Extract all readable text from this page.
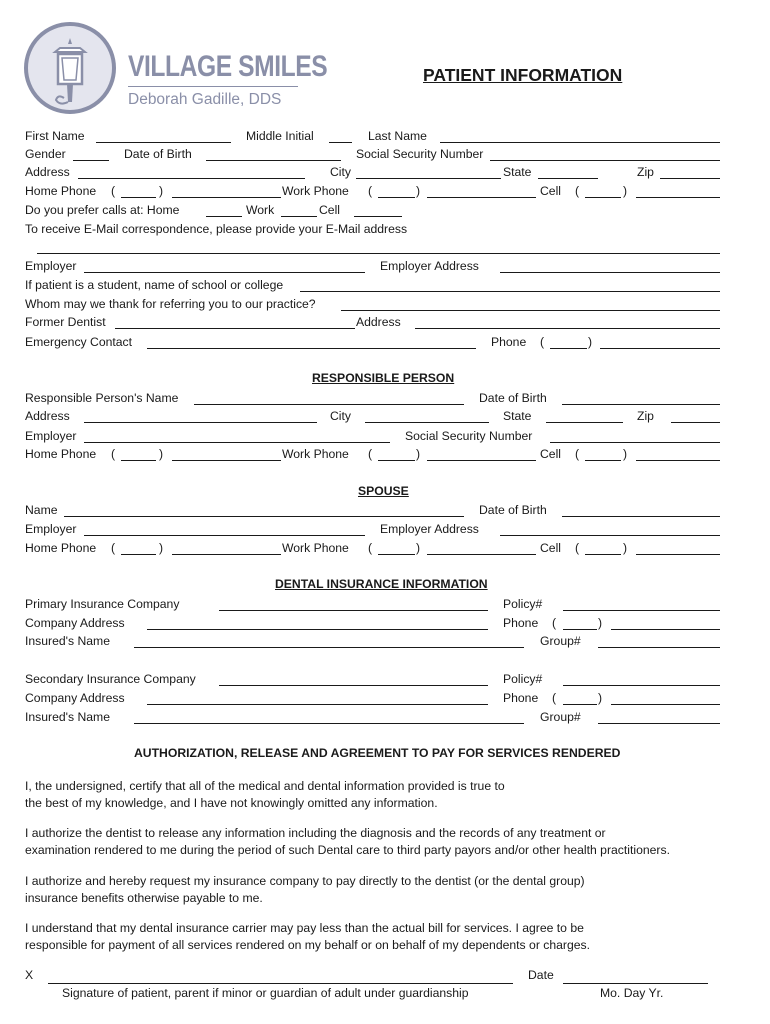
VILLAGE SMILES
Deborah Gadille, DDS
PATIENT INFORMATION
First Name	Middle Initial	Last Name
Gender	Date of Birth	Social Security Number
Address	City	State	Zip
Home Phone (	)	Work Phone (	)	Cell (	)
Do you prefer calls at: Home	Work	Cell
To receive E-Mail correspondence, please provide your E-Mail address
Employer	Employer Address
If patient is a student, name of school or college
Whom may we thank for referring you to our practice?
Former Dentist	Address
Emergency Contact	Phone (	)
RESPONSIBLE PERSON
Responsible Person's Name	Date of Birth
Address	City	State	Zip
Employer	Social Security Number
Home Phone (	)	Work Phone (	)	Cell (	)
SPOUSE
Name	Date of Birth
Employer	Employer Address
Home Phone (	)	Work Phone (	)	Cell (	)
DENTAL INSURANCE INFORMATION
Primary Insurance Company	Policy#
Company Address	Phone (	)
Insured's Name	Group#
Secondary Insurance Company	Policy#
Company Address	Phone (	)
Insured's Name	Group#
AUTHORIZATION, RELEASE AND AGREEMENT TO PAY FOR SERVICES RENDERED
I, the undersigned, certify that all of the medical and dental information provided is true to
the best of my knowledge, and I have not knowingly omitted any information.
I authorize the dentist to release any information including the diagnosis and the records of any treatment or
examination rendered to me during the period of such Dental care to third party payors and/or other health practitioners.
I authorize and hereby request my insurance company to pay directly to the dentist (or the dental group)
insurance benefits otherwise payable to me.
I understand that my dental insurance carrier may pay less than the actual bill for services. I agree to be
responsible for payment of all services rendered on my behalf or on behalf of my dependents or charges.
X	Date
Signature of patient, parent if minor or guardian of adult under guardianship	Mo. Day Yr.
